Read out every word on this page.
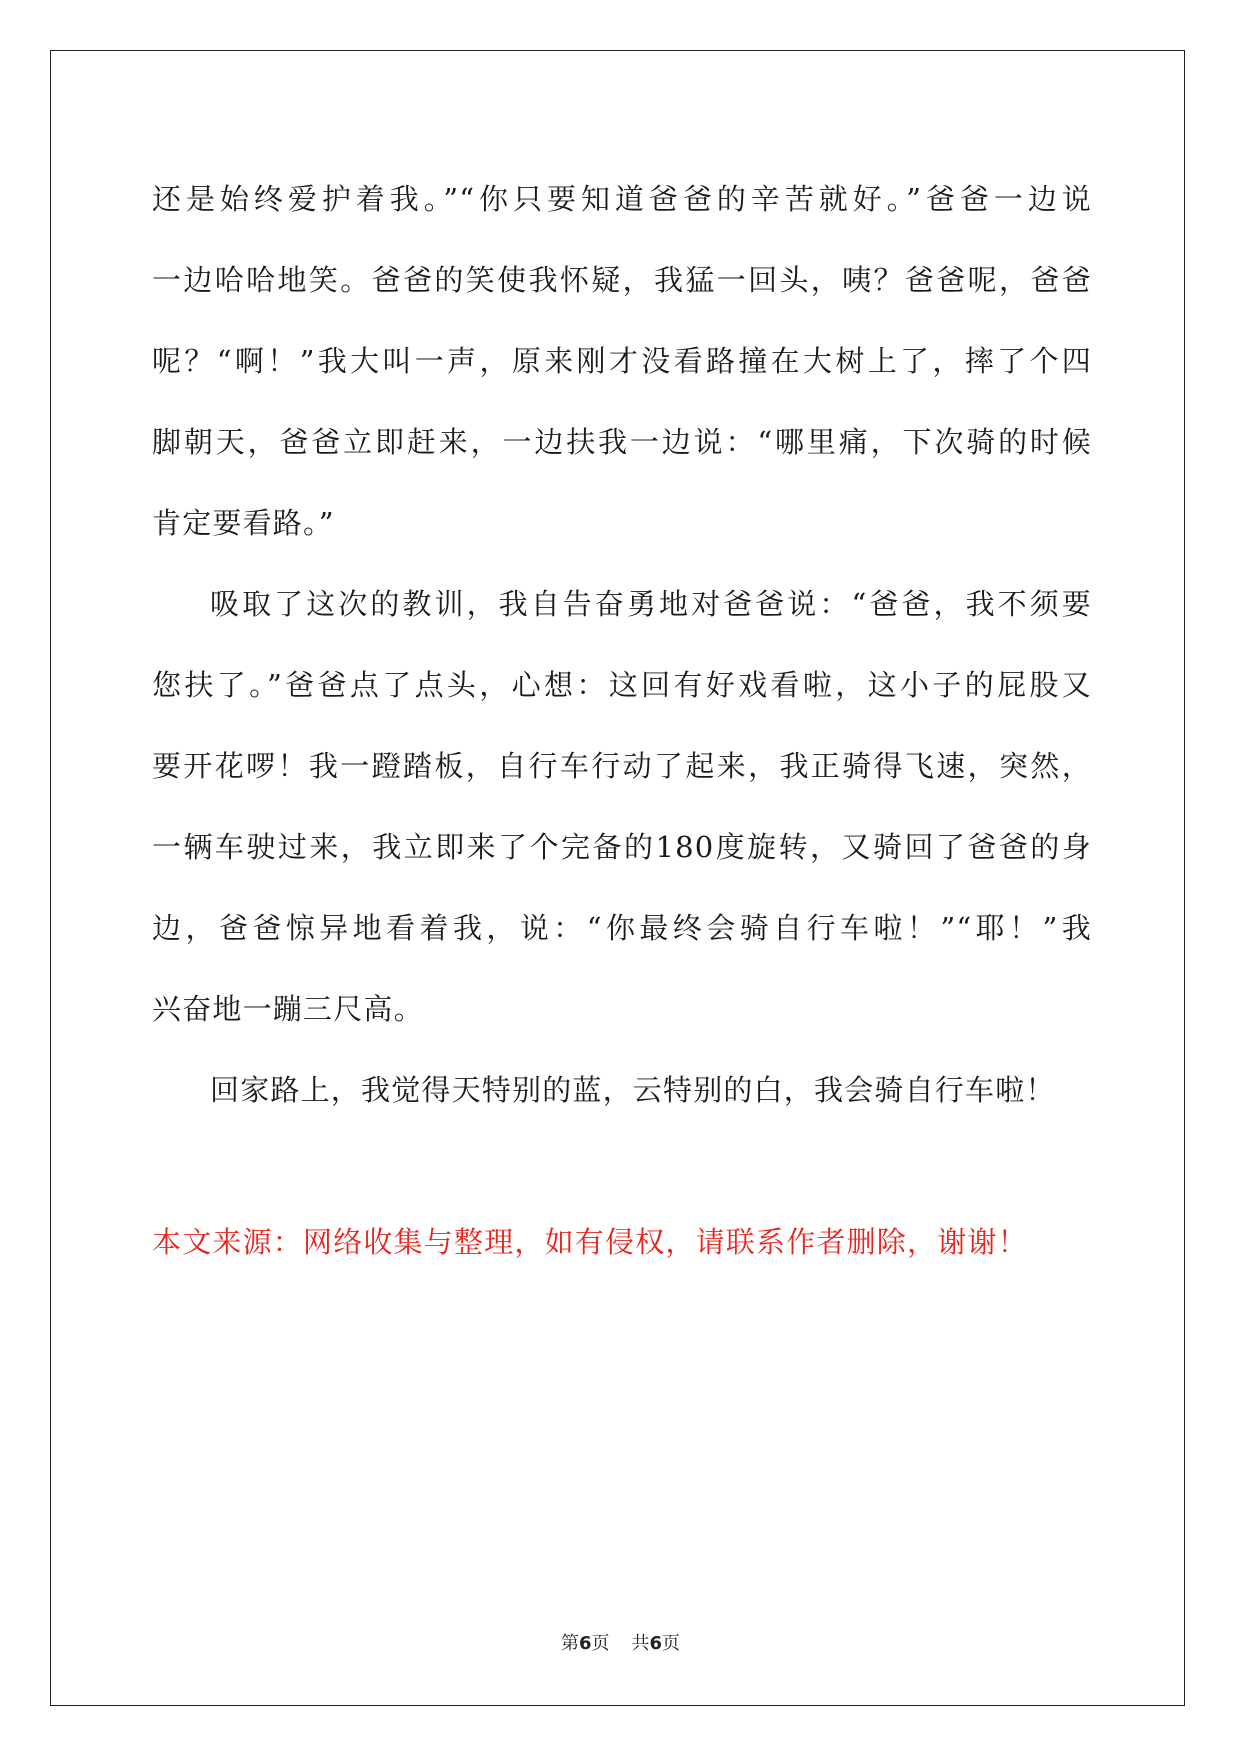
还是始终爱护着我。”“你只要知道爸爸的辛苦就好。”爸爸一边说
一边哈哈地笑。爸爸的笑使我怀疑，我猛一回头，咦？爸爸呢，爸爸
呢？“啊！”我大叫一声，原来刚才没看路撞在大树上了，摔了个四
脚朝天，爸爸立即赶来，一边扶我一边说：“哪里痛，下次骑的时候
肯定要看路。”

吸取了这次的教训，我自告奋勇地对爸爸说：“爸爸，我不须要
您扶了。”爸爸点了点头，心想：这回有好戏看啦，这小子的屁股又
要开花啰！我一蹬踏板，自行车行动了起来，我正骑得飞速，突然，
一辆车驶过来，我立即来了个完备的180度旋转，又骑回了爸爸的身
边，爸爸惊异地看着我，说：“你最终会骑自行车啦！”“耶！”我
兴奋地一蹦三尺高。

回家路上，我觉得天特别的蓝，云特别的白，我会骑自行车啦！

本文来源：网络收集与整理，如有侵权，请联系作者删除，谢谢！
第6页 共6页
